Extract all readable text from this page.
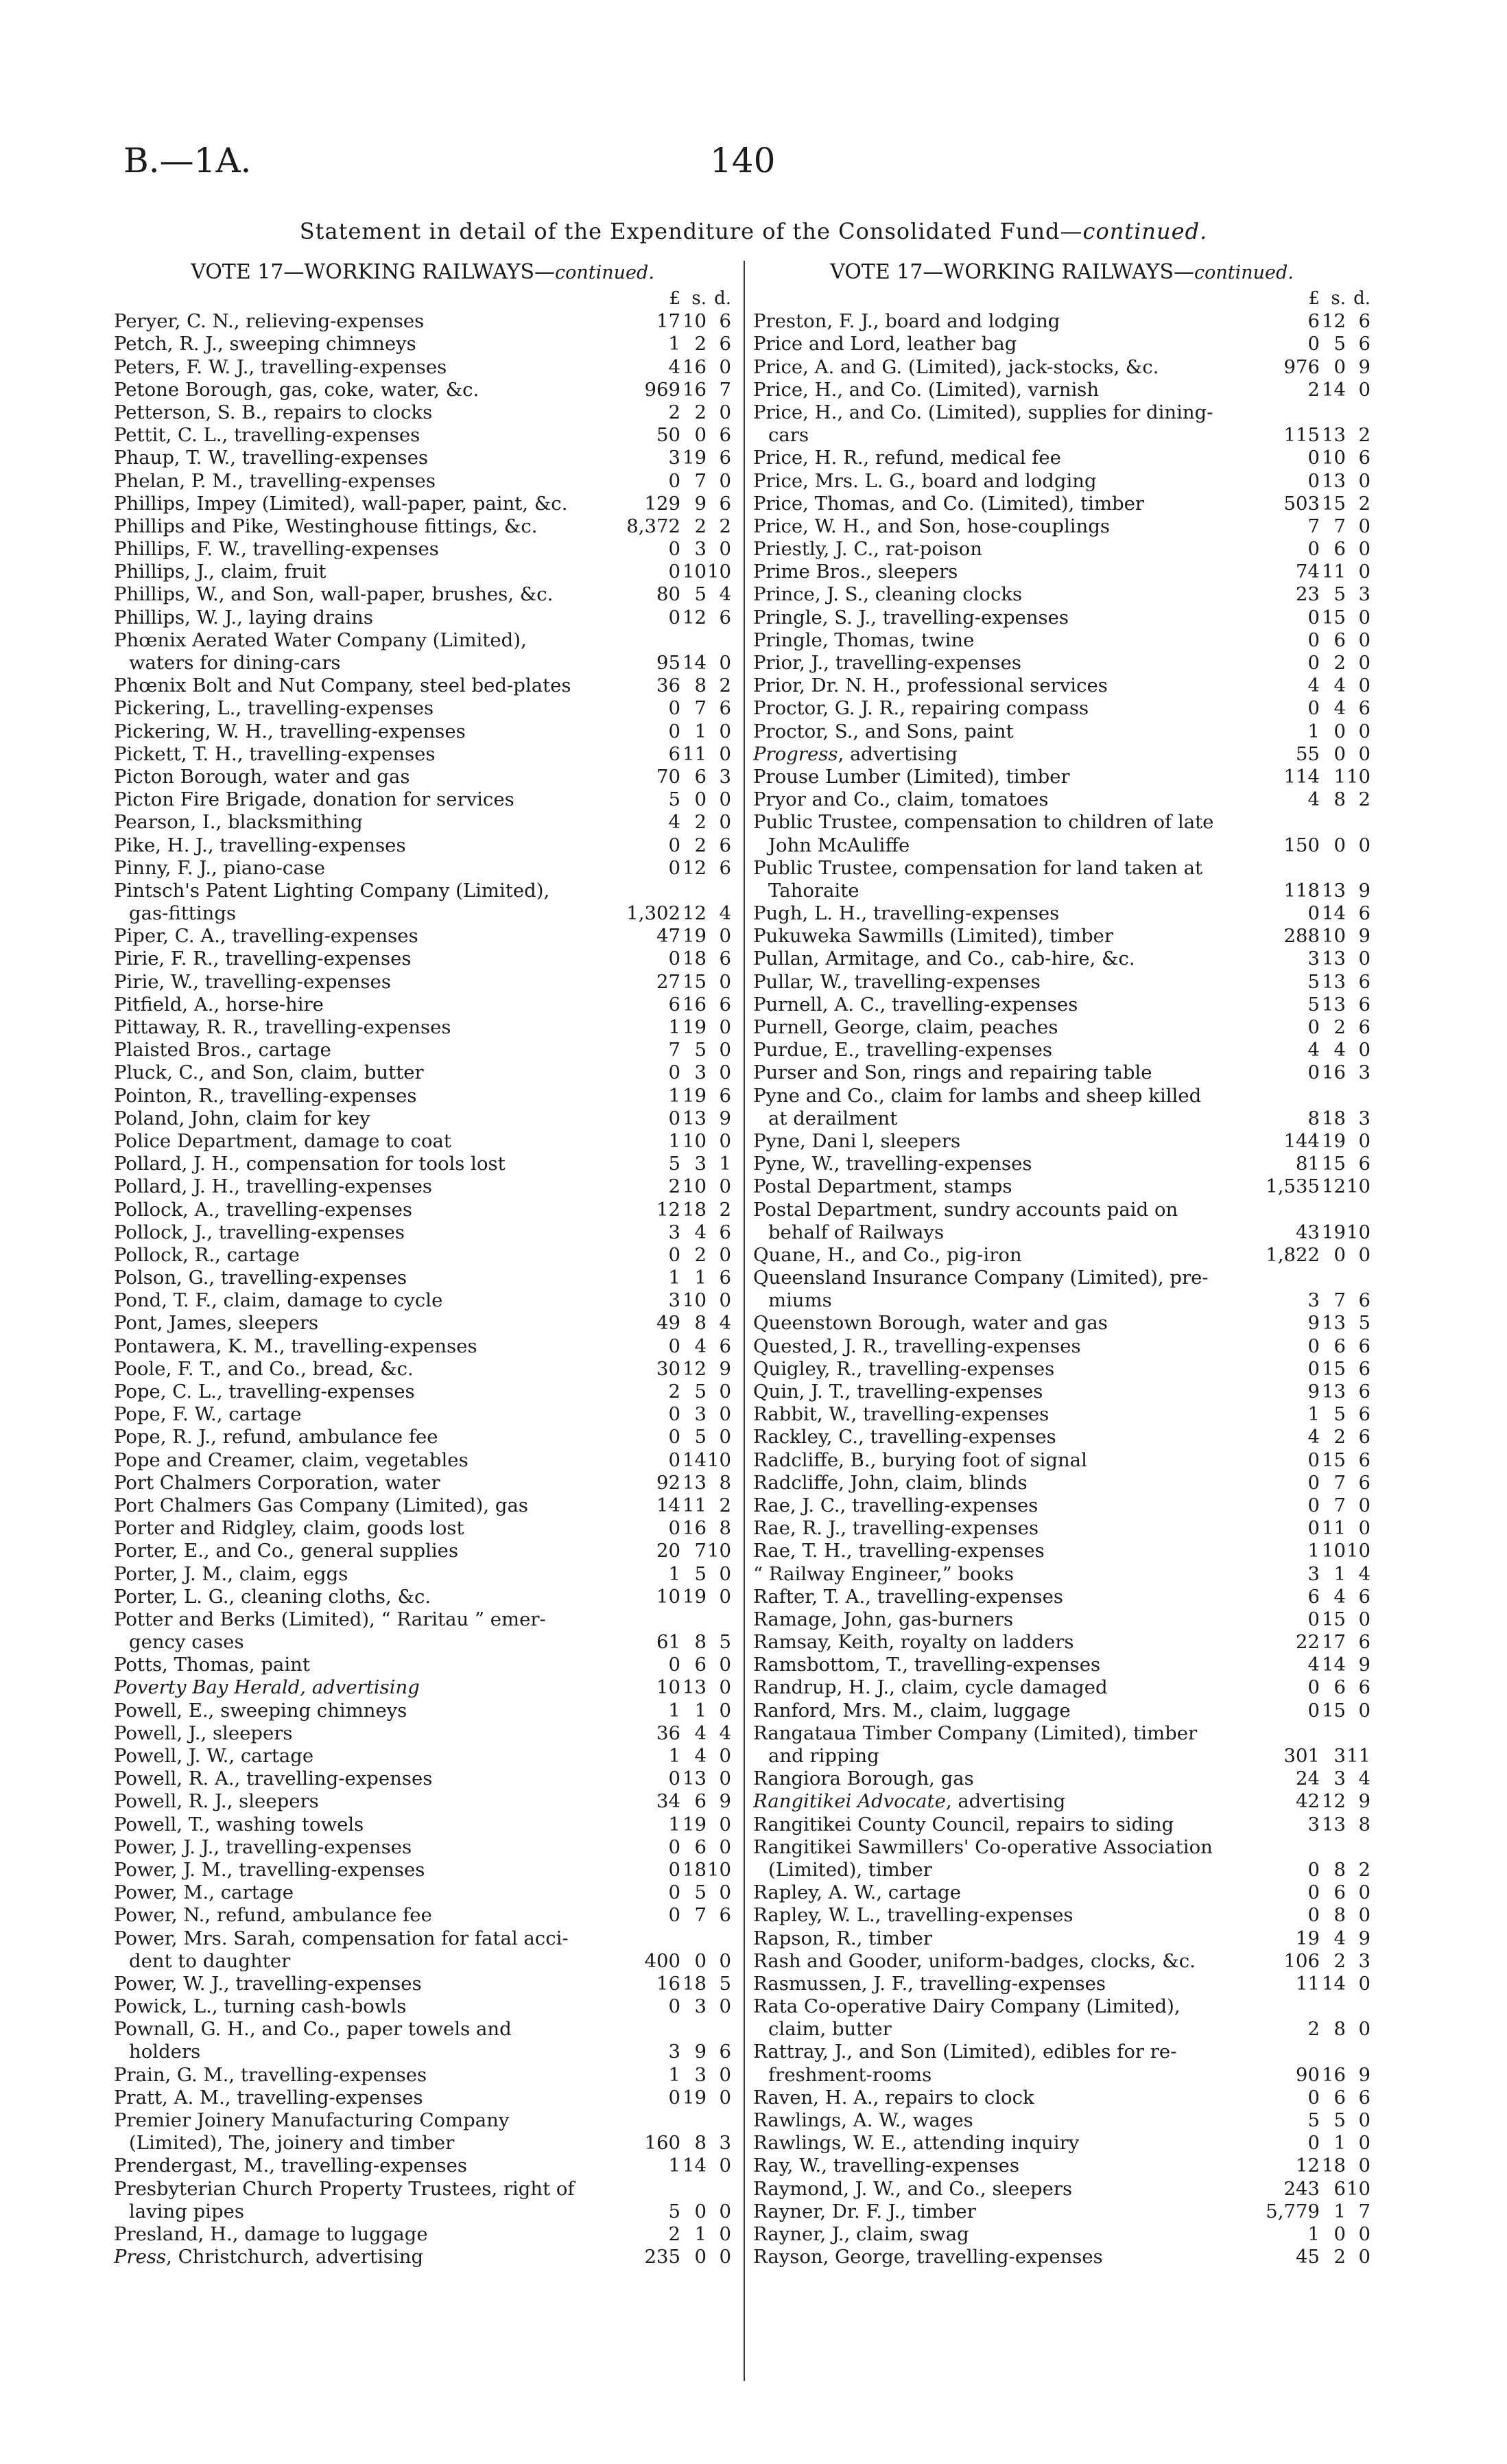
B.—1A.	140
Statement in detail of the Expenditure of the Consolidated Fund—continued.
VOTE 17—WORKING RAILWAYS—continued.
£ s. d.
Peryer, C. N., relieving-expenses	17 10 6
Petch, R. J., sweeping chimneys	1 2 6
Peters, F. W. J., travelling-expenses	4 16 0
Petone Borough, gas, coke, water, &c.	969 16 7
Petterson, S. B., repairs to clocks	2 2 0
Pettit, C. L., travelling-expenses	50 0 6
Phaup, T. W., travelling-expenses	3 19 6
Phelan, P. M., travelling-expenses	0 7 0
Phillips, Impey (Limited), wall-paper, paint, &c.	129 9 6
Phillips and Pike, Westinghouse fittings, &c.	8,372 2 2
Phillips, F. W., travelling-expenses	0 3 0
Phillips, J., claim, fruit	0 10 10
Phillips, W., and Son, wall-paper, brushes, &c.	80 5 4
Phillips, W. J., laying drains	0 12 6
Phœnix Aerated Water Company (Limited),
waters for dining-cars	95 14 0
Phœnix Bolt and Nut Company, steel bed-plates	36 8 2
Pickering, L., travelling-expenses	0 7 6
Pickering, W. H., travelling-expenses	0 1 0
Pickett, T. H., travelling-expenses	6 11 0
Picton Borough, water and gas	70 6 3
Picton Fire Brigade, donation for services	5 0 0
Pearson, I., blacksmithing	4 2 0
Pike, H. J., travelling-expenses	0 2 6
Pinny, F. J., piano-case	0 12 6
Pintsch's Patent Lighting Company (Limited),
gas-fittings	1,302 12 4
Piper, C. A., travelling-expenses	47 19 0
Pirie, F. R., travelling-expenses	0 18 6
Pirie, W., travelling-expenses	27 15 0
Pitfield, A., horse-hire	6 16 6
Pittaway, R. R., travelling-expenses	1 19 0
Plaisted Bros., cartage	7 5 0
Pluck, C., and Son, claim, butter	0 3 0
Pointon, R., travelling-expenses	1 19 6
Poland, John, claim for key	0 13 9
Police Department, damage to coat	1 10 0
Pollard, J. H., compensation for tools lost	5 3 1
Pollard, J. H., travelling-expenses	2 10 0
Pollock, A., travelling-expenses	12 18 2
Pollock, J., travelling-expenses	3 4 6
Pollock, R., cartage	0 2 0
Polson, G., travelling-expenses	1 1 6
Pond, T. F., claim, damage to cycle	3 10 0
Pont, James, sleepers	49 8 4
Pontawera, K. M., travelling-expenses	0 4 6
Poole, F. T., and Co., bread, &c.	30 12 9
Pope, C. L., travelling-expenses	2 5 0
Pope, F. W., cartage	0 3 0
Pope, R. J., refund, ambulance fee	0 5 0
Pope and Creamer, claim, vegetables	0 14 10
Port Chalmers Corporation, water	92 13 8
Port Chalmers Gas Company (Limited), gas	14 11 2
Porter and Ridgley, claim, goods lost	0 16 8
Porter, E., and Co., general supplies	20 7 10
Porter, J. M., claim, eggs	1 5 0
Porter, L. G., cleaning cloths, &c.	10 19 0
Potter and Berks (Limited), “ Raritau ” emer-
gency cases	61 8 5
Potts, Thomas, paint	0 6 0
Poverty Bay Herald, advertising	10 13 0
Powell, E., sweeping chimneys	1 1 0
Powell, J., sleepers	36 4 4
Powell, J. W., cartage	1 4 0
Powell, R. A., travelling-expenses	0 13 0
Powell, R. J., sleepers	34 6 9
Powell, T., washing towels	1 19 0
Power, J. J., travelling-expenses	0 6 0
Power, J. M., travelling-expenses	0 18 10
Power, M., cartage	0 5 0
Power, N., refund, ambulance fee	0 7 6
Power, Mrs. Sarah, compensation for fatal acci-
dent to daughter	400 0 0
Power, W. J., travelling-expenses	16 18 5
Powick, L., turning cash-bowls	0 3 0
Pownall, G. H., and Co., paper towels and
holders	3 9 6
Prain, G. M., travelling-expenses	1 3 0
Pratt, A. M., travelling-expenses	0 19 0
Premier Joinery Manufacturing Company
(Limited), The, joinery and timber	160 8 3
Prendergast, M., travelling-expenses	1 14 0
Presbyterian Church Property Trustees, right of
laving pipes	5 0 0
Presland, H., damage to luggage	2 1 0
Press, Christchurch, advertising	235 0 0
VOTE 17—WORKING RAILWAYS—continued.
£ s. d.
Preston, F. J., board and lodging	6 12 6
Price and Lord, leather bag	0 5 6
Price, A. and G. (Limited), jack-stocks, &c.	976 0 9
Price, H., and Co. (Limited), varnish	2 14 0
Price, H., and Co. (Limited), supplies for dining-
cars	115 13 2
Price, H. R., refund, medical fee	0 10 6
Price, Mrs. L. G., board and lodging	0 13 0
Price, Thomas, and Co. (Limited), timber	503 15 2
Price, W. H., and Son, hose-couplings	7 7 0
Priestly, J. C., rat-poison	0 6 0
Prime Bros., sleepers	74 11 0
Prince, J. S., cleaning clocks	23 5 3
Pringle, S. J., travelling-expenses	0 15 0
Pringle, Thomas, twine	0 6 0
Prior, J., travelling-expenses	0 2 0
Prior, Dr. N. H., professional services	4 4 0
Proctor, G. J. R., repairing compass	0 4 6
Proctor, S., and Sons, paint	1 0 0
Progress, advertising	55 0 0
Prouse Lumber (Limited), timber	114 1 10
Pryor and Co., claim, tomatoes	4 8 2
Public Trustee, compensation to children of late
John McAuliffe	150 0 0
Public Trustee, compensation for land taken at
Tahoraite	118 13 9
Pugh, L. H., travelling-expenses	0 14 6
Pukuweka Sawmills (Limited), timber	288 10 9
Pullan, Armitage, and Co., cab-hire, &c.	3 13 0
Pullar, W., travelling-expenses	5 13 6
Purnell, A. C., travelling-expenses	5 13 6
Purnell, George, claim, peaches	0 2 6
Purdue, E., travelling-expenses	4 4 0
Purser and Son, rings and repairing table	0 16 3
Pyne and Co., claim for lambs and sheep killed
at derailment	8 18 3
Pyne, Dani l, sleepers	144 19 0
Pyne, W., travelling-expenses	81 15 6
Postal Department, stamps	1,535 12 10
Postal Department, sundry accounts paid on
behalf of Railways	43 19 10
Quane, H., and Co., pig-iron	1,822 0 0
Queensland Insurance Company (Limited), pre-
miums	3 7 6
Queenstown Borough, water and gas	9 13 5
Quested, J. R., travelling-expenses	0 6 6
Quigley, R., travelling-expenses	0 15 6
Quin, J. T., travelling-expenses	9 13 6
Rabbit, W., travelling-expenses	1 5 6
Rackley, C., travelling-expenses	4 2 6
Radcliffe, B., burying foot of signal	0 15 6
Radcliffe, John, claim, blinds	0 7 6
Rae, J. C., travelling-expenses	0 7 0
Rae, R. J., travelling-expenses	0 11 0
Rae, T. H., travelling-expenses	1 10 10
“ Railway Engineer,” books	3 1 4
Rafter, T. A., travelling-expenses	6 4 6
Ramage, John, gas-burners	0 15 0
Ramsay, Keith, royalty on ladders	22 17 6
Ramsbottom, T., travelling-expenses	4 14 9
Randrup, H. J., claim, cycle damaged	0 6 6
Ranford, Mrs. M., claim, luggage	0 15 0
Rangataua Timber Company (Limited), timber
and ripping	301 3 11
Rangiora Borough, gas	24 3 4
Rangitikei Advocate, advertising	42 12 9
Rangitikei County Council, repairs to siding	3 13 8
Rangitikei Sawmillers' Co-operative Association
(Limited), timber	0 8 2
Rapley, A. W., cartage	0 6 0
Rapley, W. L., travelling-expenses	0 8 0
Rapson, R., timber	19 4 9
Rash and Gooder, uniform-badges, clocks, &c.	106 2 3
Rasmussen, J. F., travelling-expenses	11 14 0
Rata Co-operative Dairy Company (Limited),
claim, butter	2 8 0
Rattray, J., and Son (Limited), edibles for re-
freshment-rooms	90 16 9
Raven, H. A., repairs to clock	0 6 6
Rawlings, A. W., wages	5 5 0
Rawlings, W. E., attending inquiry	0 1 0
Ray, W., travelling-expenses	12 18 0
Raymond, J. W., and Co., sleepers	243 6 10
Rayner, Dr. F. J., timber	5,779 1 7
Rayner, J., claim, swag	1 0 0
Rayson, George, travelling-expenses	45 2 0
